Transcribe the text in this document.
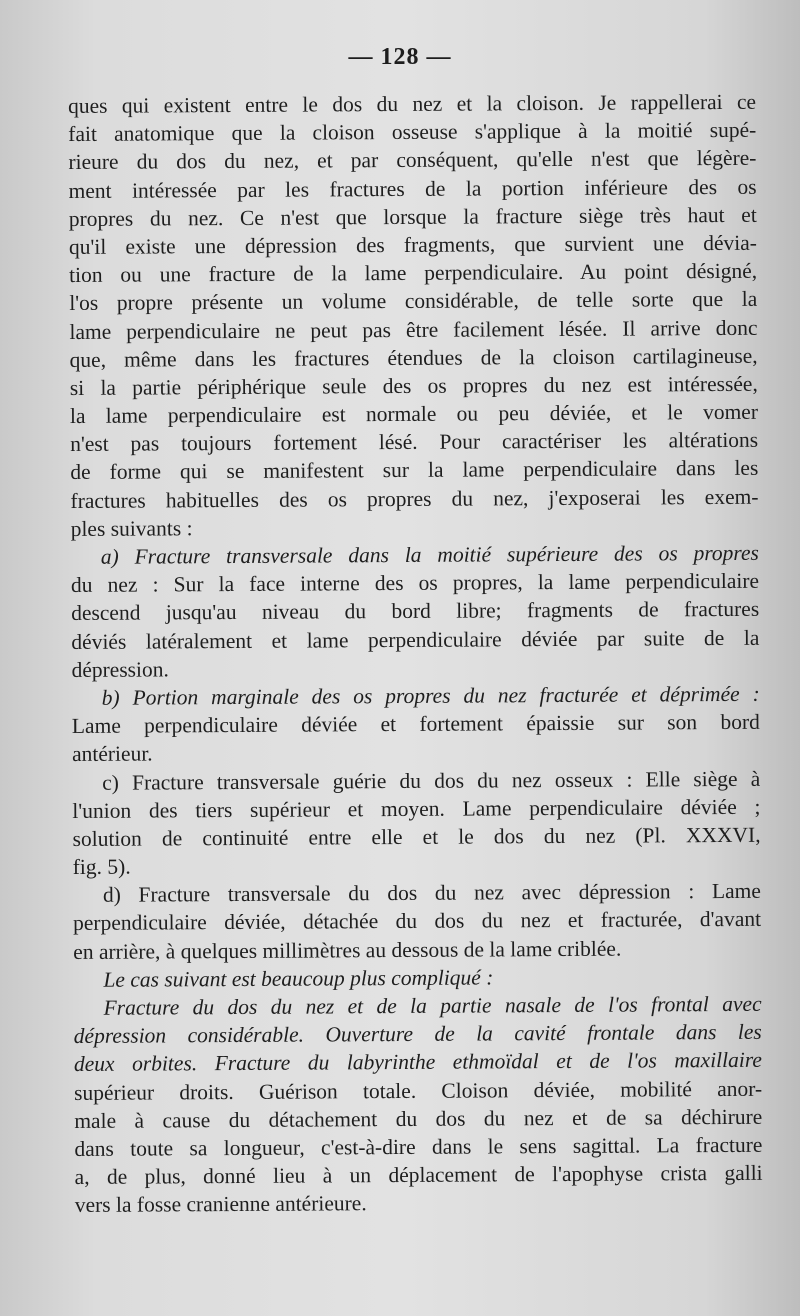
— 128 —
ques qui existent entre le dos du nez et la cloison. Je rappellerai ce
fait anatomique que la cloison osseuse s'applique à la moitié supé-
rieure du dos du nez, et par conséquent, qu'elle n'est que légère-
ment intéressée par les fractures de la portion inférieure des os
propres du nez. Ce n'est que lorsque la fracture siège très haut et
qu'il existe une dépression des fragments, que survient une dévia-
tion ou une fracture de la lame perpendiculaire. Au point désigné,
l'os propre présente un volume considérable, de telle sorte que la
lame perpendiculaire ne peut pas être facilement lésée. Il arrive donc
que, même dans les fractures étendues de la cloison cartilagineuse,
si la partie périphérique seule des os propres du nez est intéressée,
la lame perpendiculaire est normale ou peu déviée, et le vomer
n'est pas toujours fortement lésé. Pour caractériser les altérations
de forme qui se manifestent sur la lame perpendiculaire dans les
fractures habituelles des os propres du nez, j'exposerai les exem-
ples suivants :
a) Fracture transversale dans la moitié supérieure des os propres
du nez : Sur la face interne des os propres, la lame perpendiculaire
descend jusqu'au niveau du bord libre; fragments de fractures
déviés latéralement et lame perpendiculaire déviée par suite de la
dépression.
b) Portion marginale des os propres du nez fracturée et déprimée :
Lame perpendiculaire déviée et fortement épaissie sur son bord
antérieur.
c) Fracture transversale guérie du dos du nez osseux : Elle siège à
l'union des tiers supérieur et moyen. Lame perpendiculaire déviée ;
solution de continuité entre elle et le dos du nez (Pl. XXXVI,
fig. 5).
d) Fracture transversale du dos du nez avec dépression : Lame
perpendiculaire déviée, détachée du dos du nez et fracturée, d'avant
en arrière, à quelques millimètres au dessous de la lame criblée.
Le cas suivant est beaucoup plus compliqué :
Fracture du dos du nez et de la partie nasale de l'os frontal avec
dépression considérable. Ouverture de la cavité frontale dans les
deux orbites. Fracture du labyrinthe ethmoïdal et de l'os maxillaire
supérieur droits. Guérison totale. Cloison déviée, mobilité anor-
male à cause du détachement du dos du nez et de sa déchirure
dans toute sa longueur, c'est-à-dire dans le sens sagittal. La fracture
a, de plus, donné lieu à un déplacement de l'apophyse crista galli
vers la fosse cranienne antérieure.
